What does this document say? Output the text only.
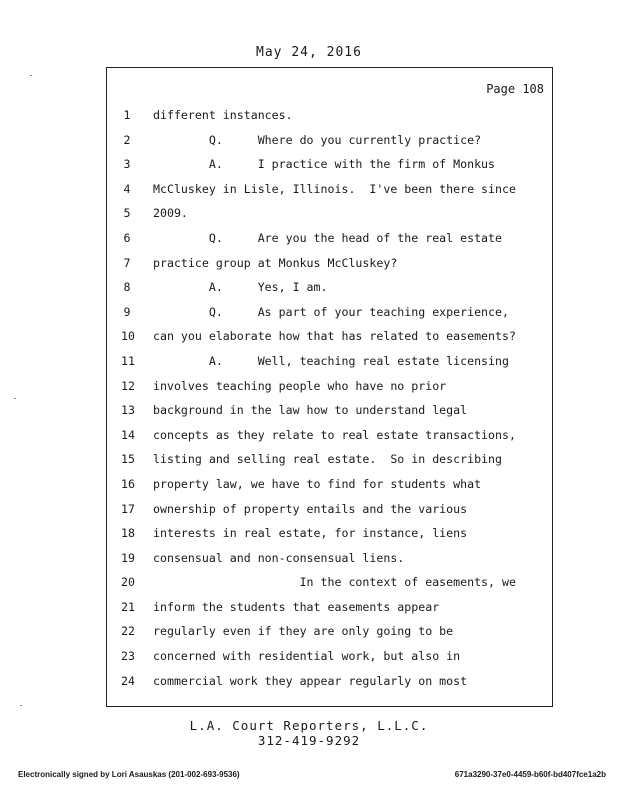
May 24, 2016
Page 108
1 different instances.
2 Q.     Where do you currently practice?
3 A.     I practice with the firm of Monkus
4 McCluskey in Lisle, Illinois.  I've been there since
5 2009.
6 Q.     Are you the head of the real estate
7 practice group at Monkus McCluskey?
8 A.     Yes, I am.
9 Q.     As part of your teaching experience,
10 can you elaborate how that has related to easements?
11 A.     Well, teaching real estate licensing
12 involves teaching people who have no prior
13 background in the law how to understand legal
14 concepts as they relate to real estate transactions,
15 listing and selling real estate.  So in describing
16 property law, we have to find for students what
17 ownership of property entails and the various
18 interests in real estate, for instance, liens
19 consensual and non-consensual liens.
20 In the context of easements, we
21 inform the students that easements appear
22 regularly even if they are only going to be
23 concerned with residential work, but also in
24 commercial work they appear regularly on most
L.A. Court Reporters, L.L.C.
312-419-9292
Electronically signed by Lori Asauskas (201-002-693-9536)	671a3290-37e0-4459-b60f-bd407fce1a2b
